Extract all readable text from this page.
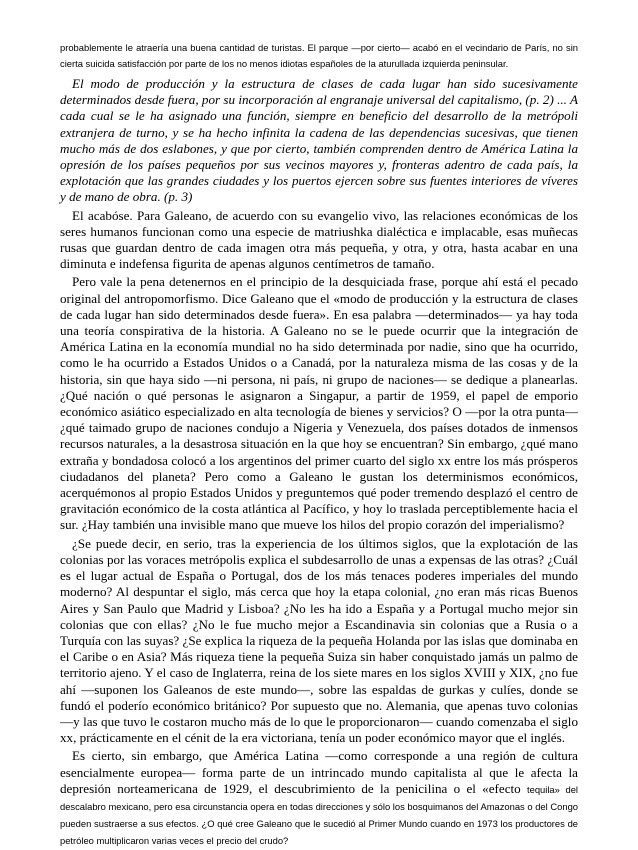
probablemente le atraería una buena cantidad de turistas. El parque —por cierto— acabó en el vecindario de París, no sin cierta suicida satisfacción por parte de los no menos idiotas españoles de la aturullada izquierda peninsular.

El modo de producción y la estructura de clases de cada lugar han sido sucesivamente determinados desde fuera, por su incorporación al engranaje universal del capitalismo, (p. 2) ... A cada cual se le ha asignado una función, siempre en beneficio del desarrollo de la metrópoli extranjera de turno, y se ha hecho infinita la cadena de las dependencias sucesivas, que tienen mucho más de dos eslabones, y que por cierto, también comprenden dentro de América Latina la opresión de los países pequeños por sus vecinos mayores y, fronteras adentro de cada país, la explotación que las grandes ciudades y los puertos ejercen sobre sus fuentes interiores de víveres y de mano de obra. (p. 3)

El acabóse. Para Galeano, de acuerdo con su evangelio vivo, las relaciones económicas de los seres humanos funcionan como una especie de matriushka dialéctica e implacable, esas muñecas rusas que guardan dentro de cada imagen otra más pequeña, y otra, y otra, hasta acabar en una diminuta e indefensa figurita de apenas algunos centímetros de tamaño.

Pero vale la pena detenernos en el principio de la desquiciada frase, porque ahí está el pecado original del antropomorfismo. Dice Galeano que el «modo de producción y la estructura de clases de cada lugar han sido determinados desde fuera». En esa palabra —determinados— ya hay toda una teoría conspirativa de la historia. A Galeano no se le puede ocurrir que la integración de América Latina en la economía mundial no ha sido determinada por nadie, sino que ha ocurrido, como le ha ocurrido a Estados Unidos o a Canadá, por la naturaleza misma de las cosas y de la historia, sin que haya sido —ni persona, ni país, ni grupo de naciones— se dedique a planearlas. ¿Qué nación o qué personas le asignaron a Singapur, a partir de 1959, el papel de emporio económico asiático especializado en alta tecnología de bienes y servicios? O —por la otra punta— ¿qué taimado grupo de naciones condujo a Nigeria y Venezuela, dos países dotados de inmensos recursos naturales, a la desastrosa situación en la que hoy se encuentran? Sin embargo, ¿qué mano extraña y bondadosa colocó a los argentinos del primer cuarto del siglo xx entre los más prósperos ciudadanos del planeta? Pero como a Galeano le gustan los determinismos económicos, acerquémonos al propio Estados Unidos y preguntemos qué poder tremendo desplazó el centro de gravitación económico de la costa atlántica al Pacífico, y hoy lo traslada perceptiblemente hacia el sur. ¿Hay también una invisible mano que mueve los hilos del propio corazón del imperialismo?

¿Se puede decir, en serio, tras la experiencia de los últimos siglos, que la explotación de las colonias por las voraces metrópolis explica el subdesarrollo de unas a expensas de las otras? ¿Cuál es el lugar actual de España o Portugal, dos de los más tenaces poderes imperiales del mundo moderno? Al despuntar el siglo, más cerca que hoy la etapa colonial, ¿no eran más ricas Buenos Aires y San Paulo que Madrid y Lisboa? ¿No les ha ido a España y a Portugal mucho mejor sin colonias que con ellas? ¿No le fue mucho mejor a Escandinavia sin colonias que a Rusia o a Turquía con las suyas? ¿Se explica la riqueza de la pequeña Holanda por las islas que dominaba en el Caribe o en Asia? Más riqueza tiene la pequeña Suiza sin haber conquistado jamás un palmo de territorio ajeno. Y el caso de Inglaterra, reina de los siete mares en los siglos XVIII y XIX, ¿no fue ahí —suponen los Galeanos de este mundo—, sobre las espaldas de gurkas y culíes, donde se fundó el poderío económico británico? Por supuesto que no. Alemania, que apenas tuvo colonias —y las que tuvo le costaron mucho más de lo que le proporcionaron— cuando comenzaba el siglo xx, prácticamente en el cénit de la era victoriana, tenía un poder económico mayor que el inglés.

Es cierto, sin embargo, que América Latina —como corresponde a una región de cultura esencialmente europea— forma parte de un intrincado mundo capitalista al que le afecta la depresión norteamericana de 1929, el descubrimiento de la penicilina o el «efecto tequila» del descalabro mexicano, pero esa circunstancia opera en todas direcciones y sólo los bosquimanos del Amazonas o del Congo pueden sustraerse a sus efectos. ¿O qué cree Galeano que le sucedió al Primer Mundo cuando en 1973 los productores de petróleo multiplicaron varias veces el precio del crudo?
